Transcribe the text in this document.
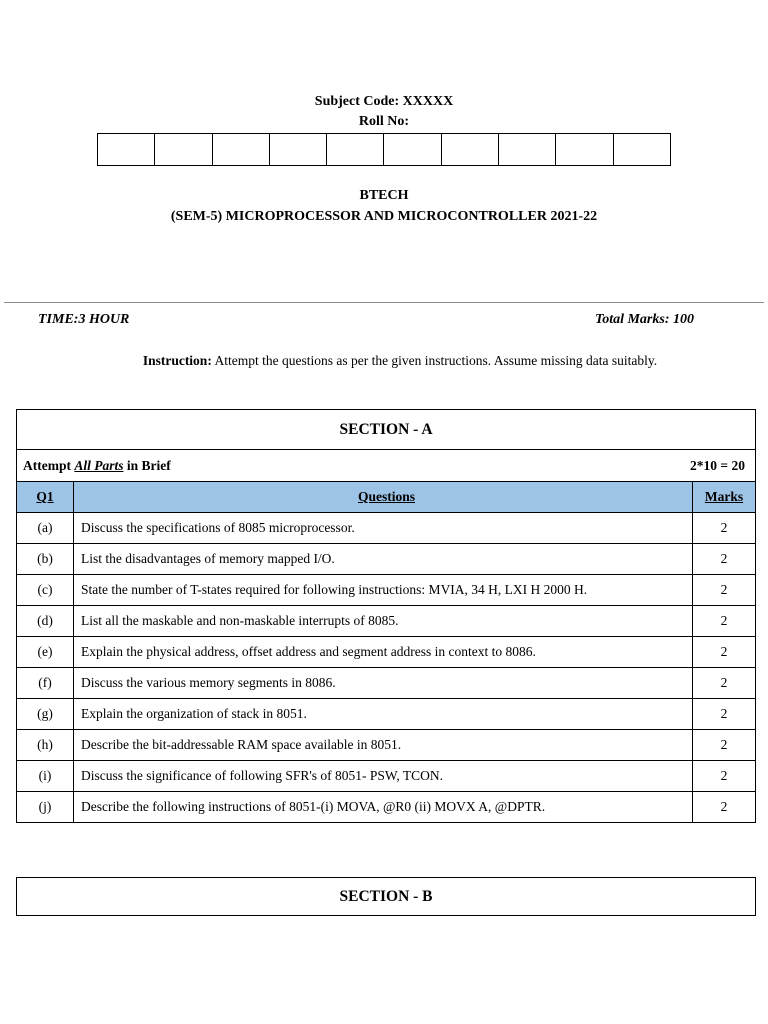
Subject Code: XXXXX
Roll No:
BTECH
(SEM-5) MICROPROCESSOR AND MICROCONTROLLER 2021-22
TIME:3 HOUR	Total Marks: 100
Instruction: Attempt the questions as per the given instructions. Assume missing data suitably.
SECTION - A
Attempt All Parts in Brief	2*10 = 20
Q1	Questions	Marks
(a)	Discuss the specifications of 8085 microprocessor.	2
(b)	List the disadvantages of memory mapped I/O.	2
(c)	State the number of T-states required for following instructions: MVIA, 34 H, LXI H 2000 H.	2
(d)	List all the maskable and non-maskable interrupts of 8085.	2
(e)	Explain the physical address, offset address and segment address in context to 8086.	2
(f)	Discuss the various memory segments in 8086.	2
(g)	Explain the organization of stack in 8051.	2
(h)	Describe the bit-addressable RAM space available in 8051.	2
(i)	Discuss the significance of following SFR's of 8051- PSW, TCON.	2
(j)	Describe the following instructions of 8051-(i) MOVA, @R0 (ii) MOVX A, @DPTR.	2
SECTION - B
